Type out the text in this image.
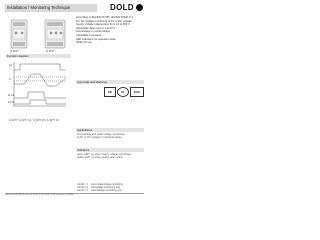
Installation / Monitoring Technique	DOLD
IL 9277	IL 9277
According to IEC/EN 60 255, IEC/EN 60947-5-1
For the voltage monitoring of AC or DC voltage
Supply voltage independent from 10 to 500 V
Adjustable delay time 0.1 to 20 s
Overvoltage or undervoltage
Adjustable hysteresis
LED indicators for operation state
Width 45 mm
Approvals and Markings
CE	UL	EAC
Function diagram
A1
U
11-14
21-24
IL 9277 / IL 9277.13 / IL 9277.15 / IL 9277.18
Applications
Overvoltage and undervoltage monitoring
of AC or DC voltage in industrial plants
Indicators
green LED: on when supply voltage connected
yellow LED: on when output relay active
U1/U2 = 1	over-/undervoltage monitoring
U1/U2 = 2	overvoltage monitoring only
U1/U2 = 3	undervoltage monitoring only
All technical data in this list relate to the state at the moment of edition.
